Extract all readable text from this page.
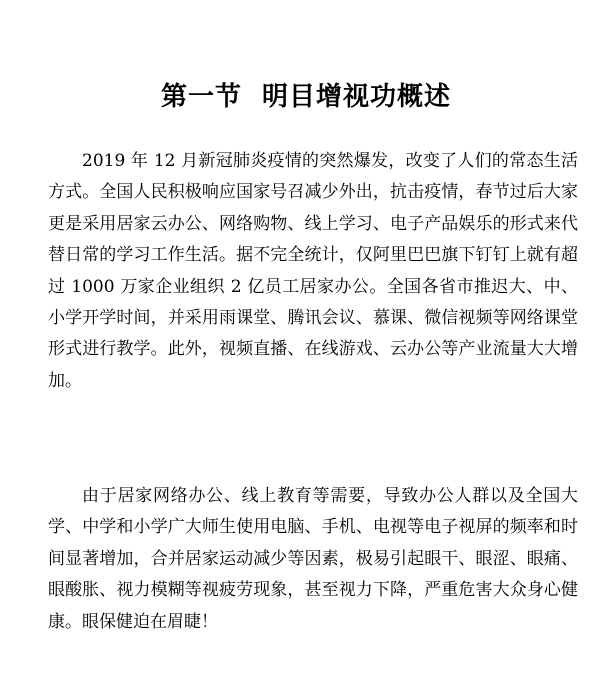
第一节  明目增视功概述

2019 年 12 月新冠肺炎疫情的突然爆发，改变了人们的常态生活方式。全国人民积极响应国家号召减少外出，抗击疫情，春节过后大家更是采用居家云办公、网络购物、线上学习、电子产品娱乐的形式来代替日常的学习工作生活。据不完全统计，仅阿里巴巴旗下钉钉上就有超过 1000 万家企业组织 2 亿员工居家办公。全国各省市推迟大、中、小学开学时间，并采用雨课堂、腾讯会议、慕课、微信视频等网络课堂形式进行教学。此外，视频直播、在线游戏、云办公等产业流量大大增加。

由于居家网络办公、线上教育等需要，导致办公人群以及全国大学、中学和小学广大师生使用电脑、手机、电视等电子视屏的频率和时间显著增加，合并居家运动减少等因素，极易引起眼干、眼涩、眼痛、眼酸胀、视力模糊等视疲劳现象，甚至视力下降，严重危害大众身心健康。眼保健迫在眉睫！
